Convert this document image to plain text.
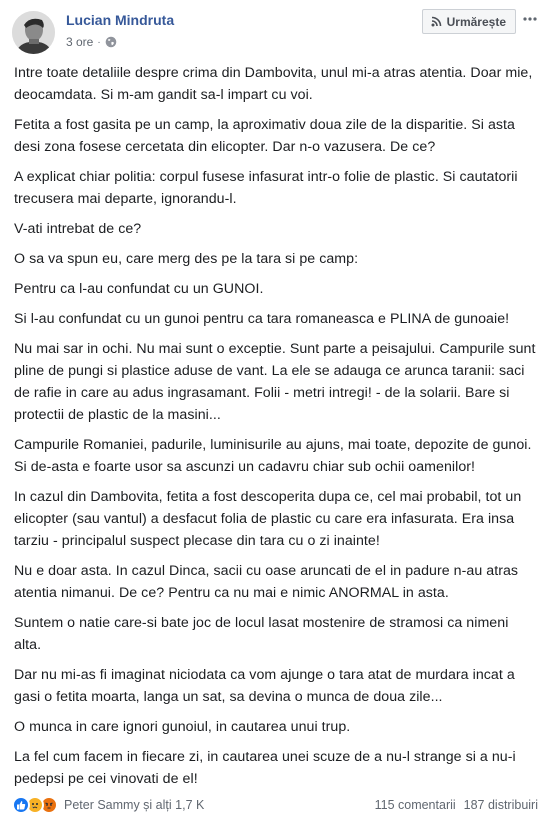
Lucian Mindruta
3 ore ·
Urmărește

Intre toate detaliile despre crima din Dambovita, unul mi-a atras atentia. Doar mie, deocamdata. Si m-am gandit sa-l impart cu voi.

Fetita a fost gasita pe un camp, la aproximativ doua zile de la disparitie. Si asta desi zona fosese cercetata din elicopter. Dar n-o vazusera. De ce?

A explicat chiar politia: corpul fusese infasurat intr-o folie de plastic. Si cautatorii trecusera mai departe, ignorandu-l.

V-ati intrebat de ce?

O sa va spun eu, care merg des pe la tara si pe camp:

Pentru ca l-au confundat cu un GUNOI.

Si l-au confundat cu un gunoi pentru ca tara romaneasca e PLINA de gunoaie!

Nu mai sar in ochi. Nu mai sunt o exceptie. Sunt parte a peisajului. Campurile sunt pline de pungi si plastice aduse de vant. La ele se adauga ce arunca taranii: saci de rafie in care au adus ingrasamant. Folii - metri intregi! - de la solarii. Bare si protectii de plastic de la masini...

Campurile Romaniei, padurile, luminisurile au ajuns, mai toate, depozite de gunoi. Si de-asta e foarte usor sa ascunzi un cadavru chiar sub ochii oamenilor!

In cazul din Dambovita, fetita a fost descoperita dupa ce, cel mai probabil, tot un elicopter (sau vantul) a desfacut folia de plastic cu care era infasurata. Era insa tarziu - principalul suspect plecase din tara cu o zi inainte!

Nu e doar asta. In cazul Dinca, sacii cu oase aruncati de el in padure n-au atras atentia nimanui. De ce? Pentru ca nu mai e nimic ANORMAL in asta.

Suntem o natie care-si bate joc de locul lasat mostenire de stramosi ca nimeni alta.

Dar nu mi-as fi imaginat niciodata ca vom ajunge o tara atat de murdara incat a gasi o fetita moarta, langa un sat, sa devina o munca de doua zile...

O munca in care ignori gunoiul, in cautarea unui trup.

La fel cum facem in fiecare zi, in cautarea unei scuze de a nu-l strange si a nu-i pedepsi pe cei vinovati de el!

Peter Sammy și alți 1,7 K	115 comentarii 187 distribuiri
